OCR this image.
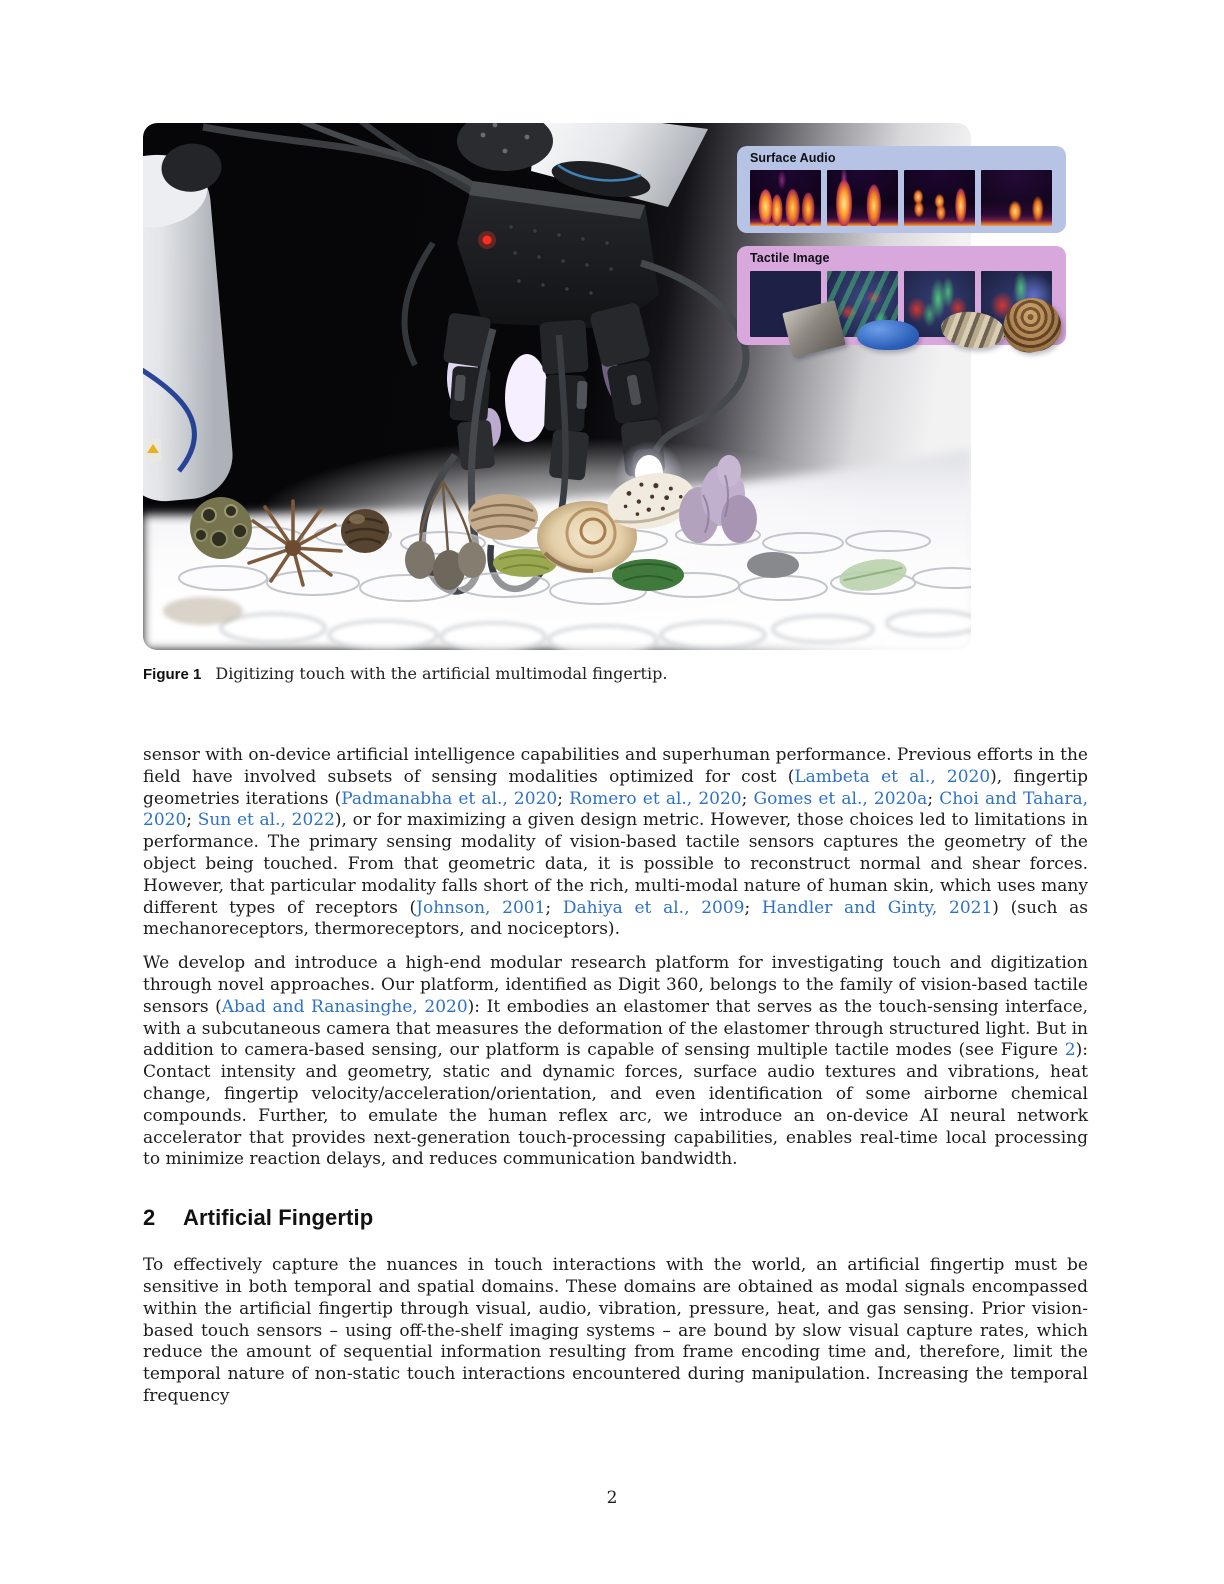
Surface Audio
Tactile Image
Figure 1 Digitizing touch with the artificial multimodal fingertip.

sensor with on-device artificial intelligence capabilities and superhuman performance. Previous efforts in the field have involved subsets of sensing modalities optimized for cost (Lambeta et al., 2020), fingertip geometries iterations (Padmanabha et al., 2020; Romero et al., 2020; Gomes et al., 2020a; Choi and Tahara, 2020; Sun et al., 2022), or for maximizing a given design metric. However, those choices led to limitations in performance. The primary sensing modality of vision-based tactile sensors captures the geometry of the object being touched. From that geometric data, it is possible to reconstruct normal and shear forces. However, that particular modality falls short of the rich, multi-modal nature of human skin, which uses many different types of receptors (Johnson, 2001; Dahiya et al., 2009; Handler and Ginty, 2021) (such as mechanoreceptors, thermoreceptors, and nociceptors).

We develop and introduce a high-end modular research platform for investigating touch and digitization through novel approaches. Our platform, identified as Digit 360, belongs to the family of vision-based tactile sensors (Abad and Ranasinghe, 2020): It embodies an elastomer that serves as the touch-sensing interface, with a subcutaneous camera that measures the deformation of the elastomer through structured light. But in addition to camera-based sensing, our platform is capable of sensing multiple tactile modes (see Figure 2): Contact intensity and geometry, static and dynamic forces, surface audio textures and vibrations, heat change, fingertip velocity/acceleration/orientation, and even identification of some airborne chemical compounds. Further, to emulate the human reflex arc, we introduce an on-device AI neural network accelerator that provides next-generation touch-processing capabilities, enables real-time local processing to minimize reaction delays, and reduces communication bandwidth.

2 Artificial Fingertip

To effectively capture the nuances in touch interactions with the world, an artificial fingertip must be sensitive in both temporal and spatial domains. These domains are obtained as modal signals encompassed within the artificial fingertip through visual, audio, vibration, pressure, heat, and gas sensing. Prior vision-based touch sensors – using off-the-shelf imaging systems – are bound by slow visual capture rates, which reduce the amount of sequential information resulting from frame encoding time and, therefore, limit the temporal nature of non-static touch interactions encountered during manipulation. Increasing the temporal frequency

2
